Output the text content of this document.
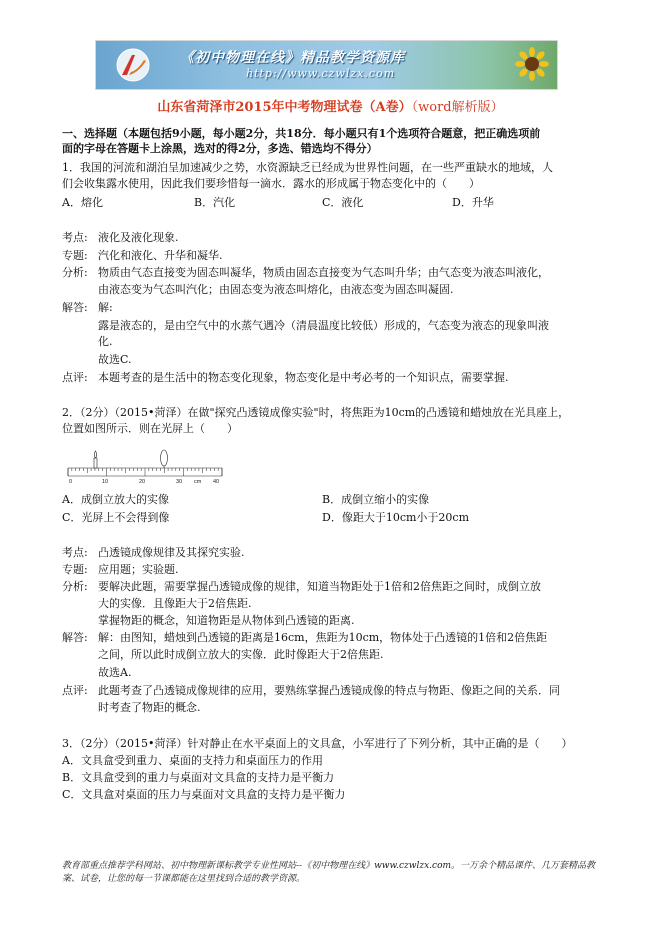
《初中物理在线》精品教学资源库
http://www.czwlzx.com
山东省菏泽市2015年中考物理试卷（A卷）（word解析版）
一、选择题（本题包括9小题，每小题2分，共18分．每小题只有1个选项符合题意，把正确选项前
面的字母在答题卡上涂黑，选对的得2分，多选、错选均不得分）
1．我国的河流和湖泊呈加速减少之势，水资源缺乏已经成为世界性问题，在一些严重缺水的地域，人
们会收集露水使用，因此我们要珍惜每一滴水．露水的形成属于物态变化中的（　　）
A．熔化	B．汽化	C．液化	D．升华
考点: 液化及液化现象.
专题: 汽化和液化、升华和凝华.
分析: 物质由气态直接变为固态叫凝华，物质由固态直接变为气态叫升华；由气态变为液态叫液化，
由液态变为气态叫汽化；由固态变为液态叫熔化，由液态变为固态叫凝固.
解答: 解:
露是液态的，是由空气中的水蒸气遇冷（清晨温度比较低）形成的，气态变为液态的现象叫液
化.
故选C.
点评: 本题考查的是生活中的物态变化现象，物态变化是中考必考的一个知识点，需要掌握.
2．（2分）（2015•菏泽）在做"探究凸透镜成像实验"时，将焦距为10cm的凸透镜和蜡烛放在光具座上，
位置如图所示．则在光屏上（　　）
0	10	20	30 cm 40
A．成倒立放大的实像	B．成倒立缩小的实像
C．光屏上不会得到像	D．像距大于10cm小于20cm
考点: 凸透镜成像规律及其探究实验.
专题: 应用题；实验题.
分析: 要解决此题，需要掌握凸透镜成像的规律，知道当物距处于1倍和2倍焦距之间时，成倒立放
大的实像．且像距大于2倍焦距.
掌握物距的概念，知道物距是从物体到凸透镜的距离.
解答: 解：由图知，蜡烛到凸透镜的距离是16cm，焦距为10cm，物体处于凸透镜的1倍和2倍焦距
之间，所以此时成倒立放大的实像．此时像距大于2倍焦距.
故选A.
点评: 此题考查了凸透镜成像规律的应用，要熟练掌握凸透镜成像的特点与物距、像距之间的关系．同
时考查了物距的概念.
3．（2分）（2015•菏泽）针对静止在水平桌面上的文具盒，小军进行了下列分析，其中正确的是（　　）
A．文具盒受到重力、桌面的支持力和桌面压力的作用
B．文具盒受到的重力与桌面对文具盒的支持力是平衡力
C．文具盒对桌面的压力与桌面对文具盒的支持力是平衡力
教育部重点推荐学科网站、初中物理新课标教学专业性网站--《初中物理在线》www.czwlzx.com。一万余个精品课件、几万套精品教案、试卷，让您的每一节课都能在这里找到合适的教学资源。
